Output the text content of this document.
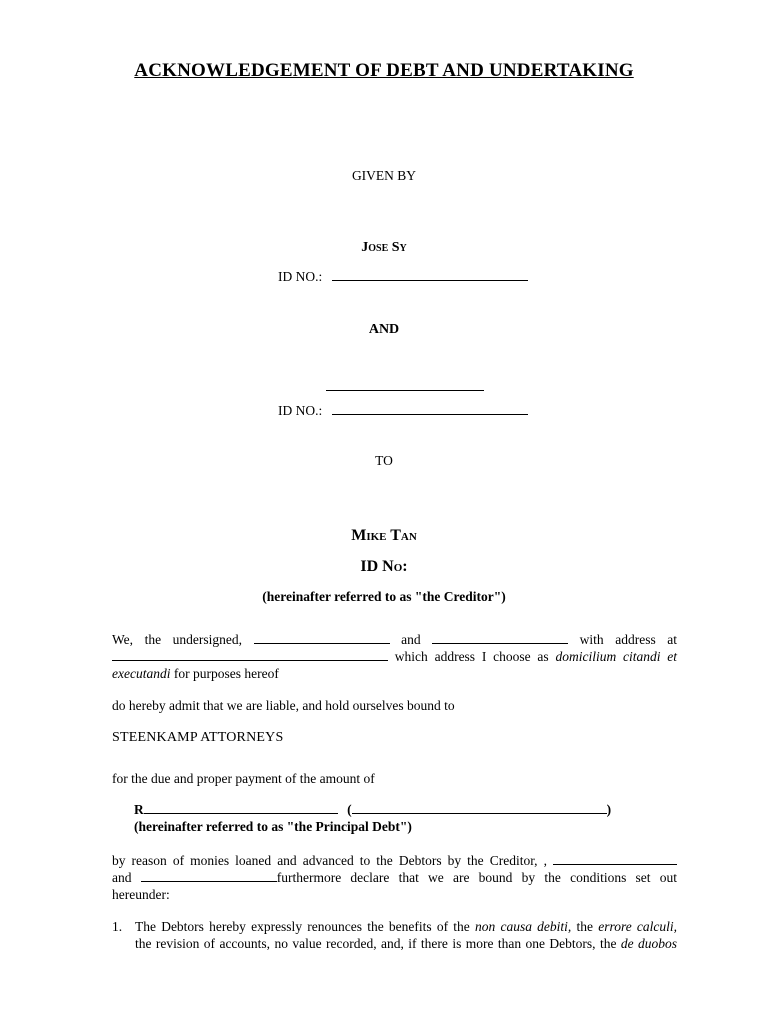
ACKNOWLEDGEMENT OF DEBT AND UNDERTAKING
GIVEN BY
Jose Sy
ID NO.:
AND
ID NO.:
TO
Mike Tan
ID No:
(hereinafter referred to as "the Creditor")
We, the undersigned,	and	with address at
which address I choose as domicilium citandi et
executandi for purposes hereof
do hereby admit that we are liable, and hold ourselves bound to
STEENKAMP ATTORNEYS
for the due and proper payment of the amount of
R	(	)
(hereinafter referred to as "the Principal Debt")
by reason of monies loaned and advanced to the Debtors by the Creditor, ,
and	furthermore declare that we are bound by the conditions set out
hereunder:
1. The Debtors hereby expressly renounces the benefits of the non causa debiti, the errore calculi,
the revision of accounts, no value recorded, and, if there is more than one Debtors, the de duobos
